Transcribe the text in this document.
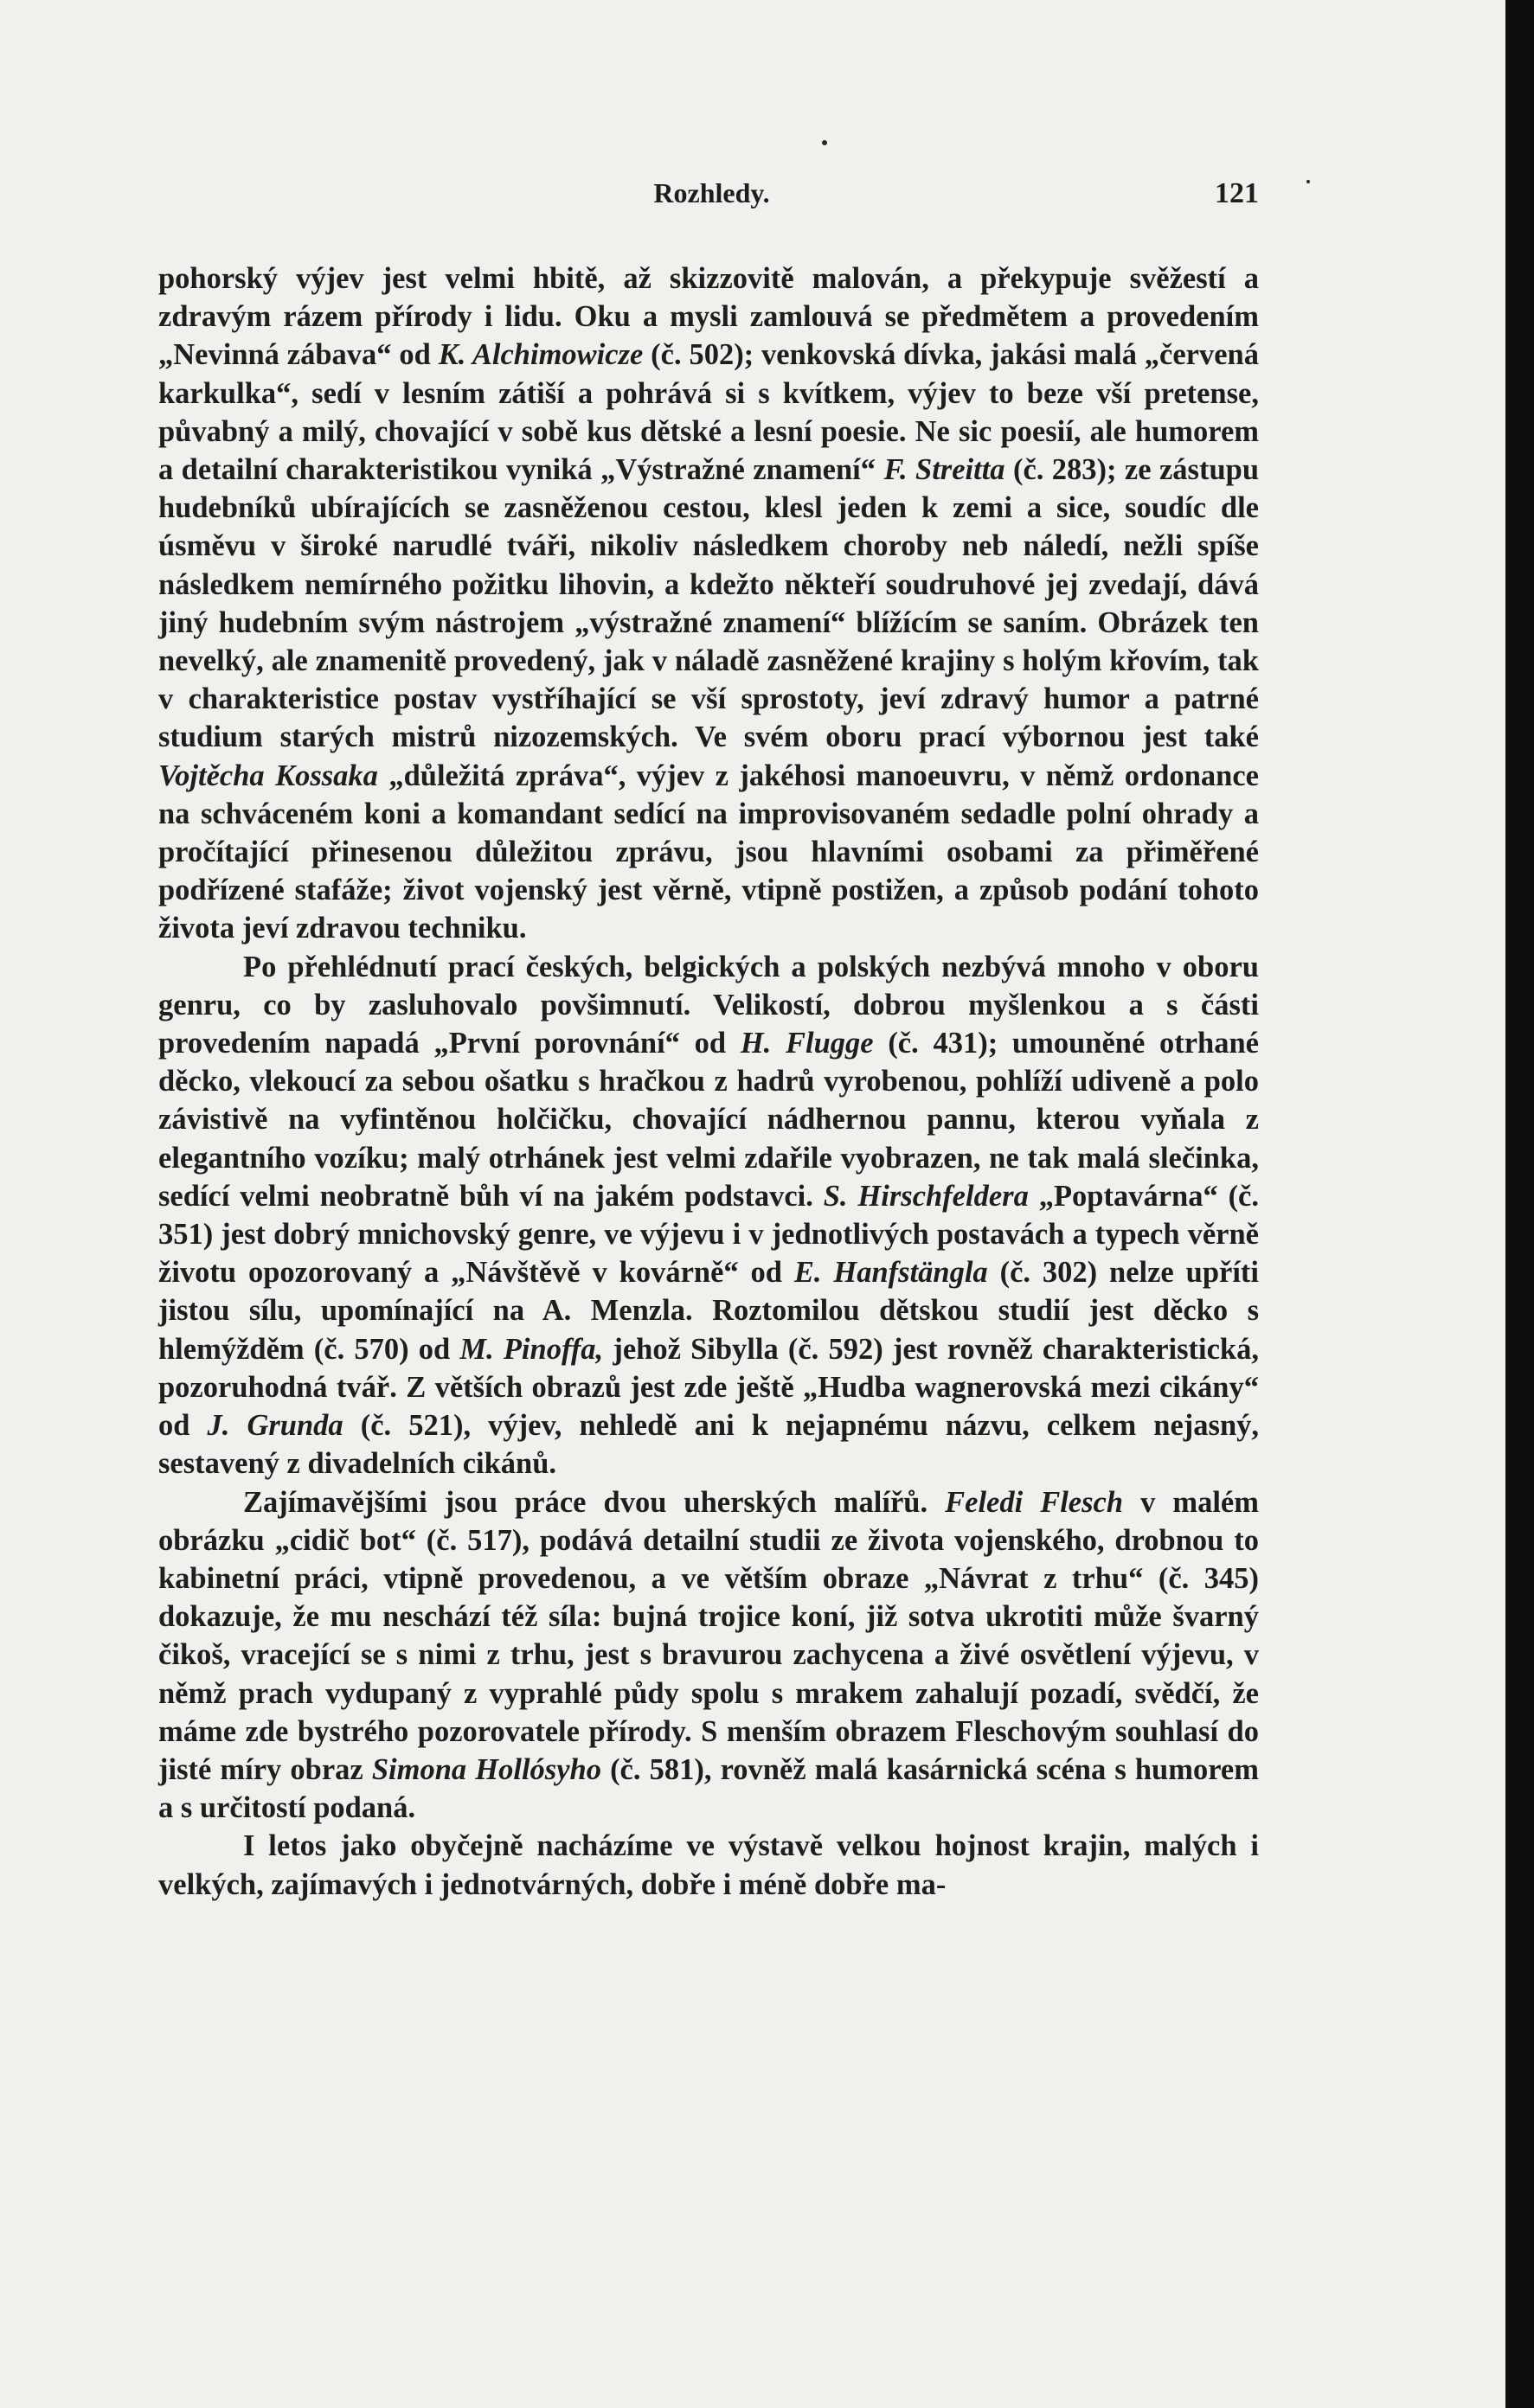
Rozhledy.	121

pohorský výjev jest velmi hbitě, až skizzovitě malován, a překypuje svěžestí a zdravým rázem přírody i lidu. Oku a mysli zamlouvá se předmětem a provedením „Nevinná zábava“ od K. Alchimowicze (č. 502); venkovská dívka, jakási malá „červená karkulka“, sedí v lesním zátiší a pohrává si s kvítkem, výjev to beze vší pretense, půvabný a milý, chovající v sobě kus dětské a lesní poesie. Ne sic poesií, ale humorem a detailní charakteristikou vyniká „Výstražné znamení“ F. Streitta (č. 283); ze zástupu hudebníků ubírajících se zasněženou cestou, klesl jeden k zemi a sice, soudíc dle úsměvu v široké narudlé tváři, nikoliv následkem choroby neb náledí, nežli spíše následkem nemírného požitku lihovin, a kdežto někteří soudruhové jej zvedají, dává jiný hudebním svým nástrojem „výstražné znamení“ blížícím se saním. Obrázek ten nevelký, ale znamenitě provedený, jak v náladě zasněžené krajiny s holým křovím, tak v charakteristice postav vystříhající se vší sprostoty, jeví zdravý humor a patrné studium starých mistrů nizozemských. Ve svém oboru prací výbornou jest také Vojtěcha Kossaka „důležitá zpráva“, výjev z jakéhosi manoeuvru, v němž ordonance na schváceném koni a komandant sedící na improvisovaném sedadle polní ohrady a pročítající přinesenou důležitou zprávu, jsou hlavními osobami za přiměřené podřízené stafáže; život vojenský jest věrně, vtipně postižen, a způsob podání tohoto života jeví zdravou techniku.

Po přehlédnutí prací českých, belgických a polských nezbývá mnoho v oboru genru, co by zasluhovalo povšimnutí. Velikostí, dobrou myšlenkou a s části provedením napadá „První porovnání“ od H. Flugge (č. 431); umouněné otrhané děcko, vlekoucí za sebou ošatku s hračkou z hadrů vyrobenou, pohlíží udiveně a polo závistivě na vyfintěnou holčičku, chovající nádhernou pannu, kterou vyňala z elegantního vozíku; malý otrhánek jest velmi zdařile vyobrazen, ne tak malá slečinka, sedící velmi neobratně bůh ví na jakém podstavci. S. Hirschfeldera „Poptavárna“ (č. 351) jest dobrý mnichovský genre, ve výjevu i v jednotlivých postavách a typech věrně životu opozorovaný a „Návštěvě v kovárně“ od E. Hanfstängla (č. 302) nelze upříti jistou sílu, upomínající na A. Menzla. Roztomilou dětskou studií jest děcko s hlemýžděm (č. 570) od M. Pinoffa, jehož Sibylla (č. 592) jest rovněž charakteristická, pozoruhodná tvář. Z větších obrazů jest zde ještě „Hudba wagnerovská mezi cikány“ od J. Grunda (č. 521), výjev, nehledě ani k nejapnému názvu, celkem nejasný, sestavený z divadelních cikánů.

Zajímavějšími jsou práce dvou uherských malířů. Feledi Flesch v malém obrázku „cidič bot“ (č. 517), podává detailní studii ze života vojenského, drobnou to kabinetní práci, vtipně provedenou, a ve větším obraze „Návrat z trhu“ (č. 345) dokazuje, že mu neschází též síla: bujná trojice koní, již sotva ukrotiti může švarný čikoš, vracející se s nimi z trhu, jest s bravurou zachycena a živé osvětlení výjevu, v němž prach vydupaný z vyprahlé půdy spolu s mrakem zahalují pozadí, svědčí, že máme zde bystrého pozorovatele přírody. S menším obrazem Fleschovým souhlasí do jisté míry obraz Simona Hollósyho (č. 581), rovněž malá kasárnická scéna s humorem a s určitostí podaná.

I letos jako obyčejně nacházíme ve výstavě velkou hojnost krajin, malých i velkých, zajímavých i jednotvárných, dobře i méně dobře ma-
